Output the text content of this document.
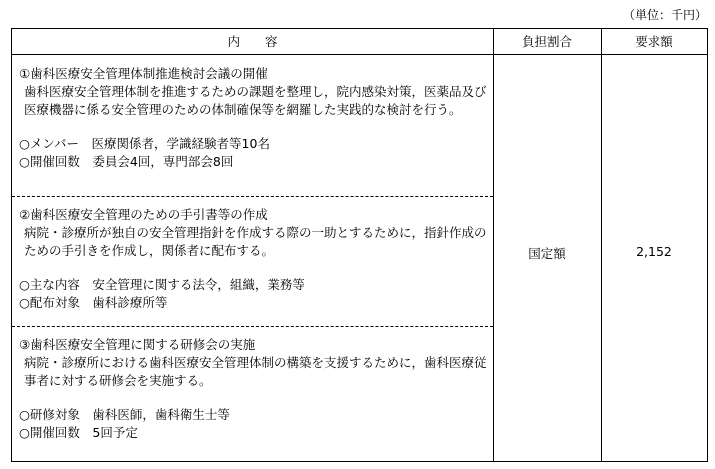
（単位：千円）
内　　容	負担割合	要求額

①歯科医療安全管理体制推進検討会議の開催

歯科医療安全管理体制を推進するための課題を整理し，院内感染対策，医薬品及び医療機器に係る安全管理のための体制確保等を網羅した実践的な検討を行う。

○メンバー　医療関係者，学識経験者等10名

○開催回数　委員会4回，専門部会8回

②歯科医療安全管理のための手引書等の作成

病院・診療所が独自の安全管理指針を作成する際の一助とするために，指針作成のための手引きを作成し，関係者に配布する。

○主な内容　安全管理に関する法令，組織，業務等

○配布対象　歯科診療所等

③歯科医療安全管理に関する研修会の実施

病院・診療所における歯科医療安全管理体制の構築を支援するために，歯科医療従事者に対する研修会を実施する。

○研修対象　歯科医師，歯科衛生士等

○開催回数　5回予定

国定額	2,152
